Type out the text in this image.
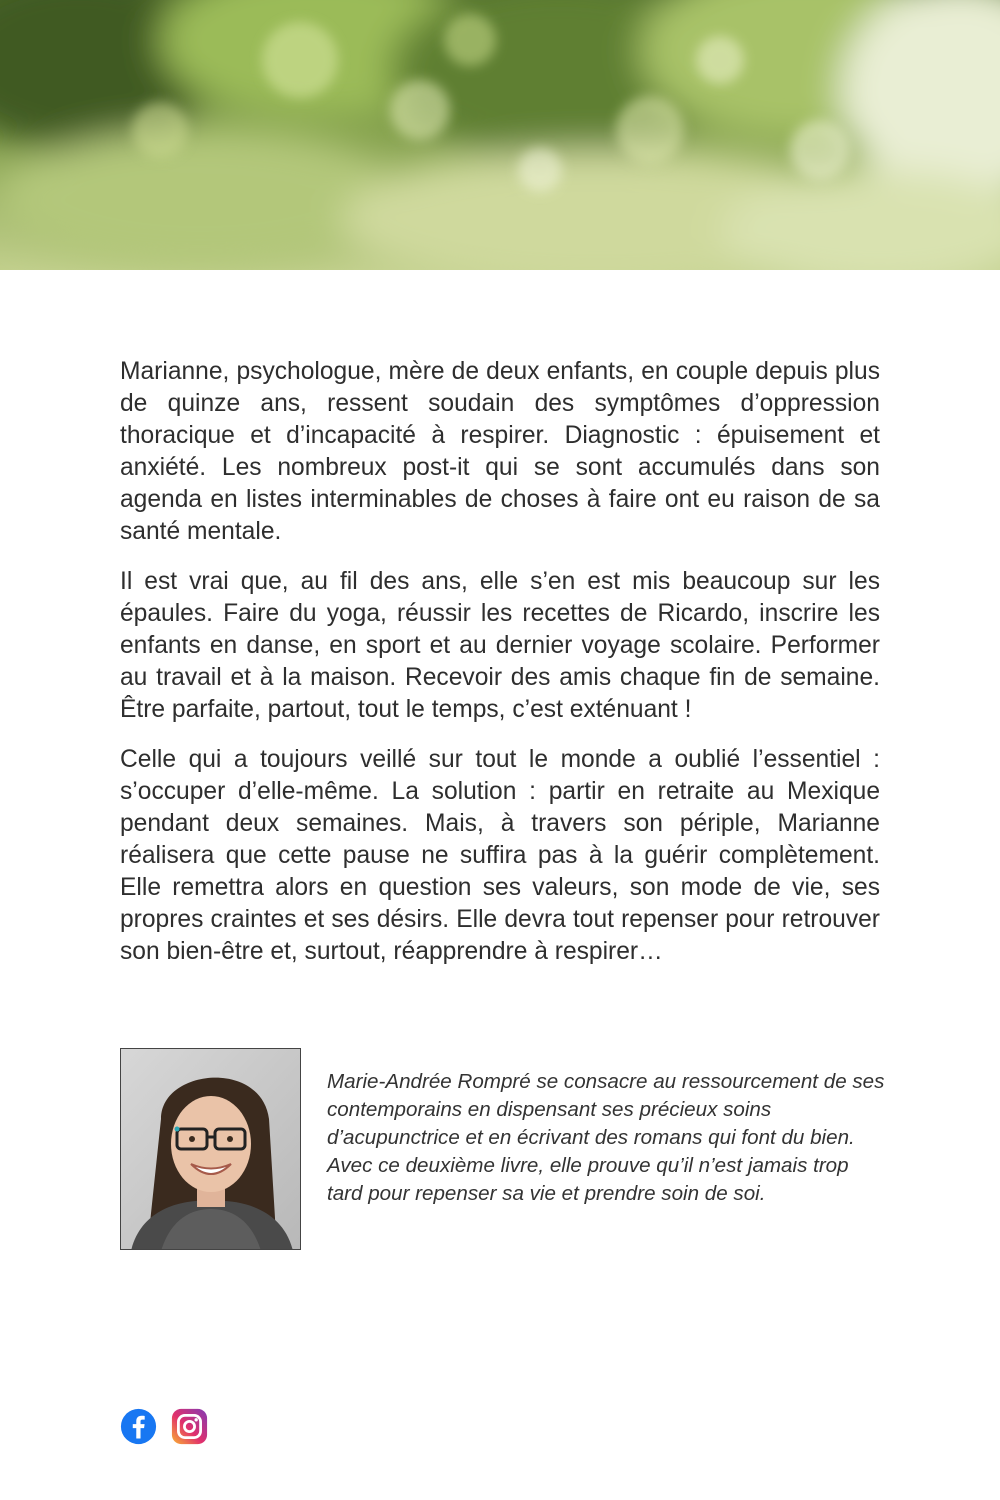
Marianne, psychologue, mère de deux enfants, en couple depuis plus de quinze ans, ressent soudain des symptômes d’oppression thoracique et d’incapacité à respirer. Diagnostic : épuisement et anxiété. Les nombreux post-it qui se sont accumulés dans son agenda en listes interminables de choses à faire ont eu raison de sa santé mentale.

Il est vrai que, au fil des ans, elle s’en est mis beaucoup sur les épaules. Faire du yoga, réussir les recettes de Ricardo, inscrire les enfants en danse, en sport et au dernier voyage scolaire. Performer au travail et à la maison. Recevoir des amis chaque fin de semaine. Être parfaite, partout, tout le temps, c’est exténuant !

Celle qui a toujours veillé sur tout le monde a oublié l’essentiel : s’occuper d’elle-même. La solution : partir en retraite au Mexique pendant deux semaines. Mais, à travers son périple, Marianne réalisera que cette pause ne suffira pas à la guérir complètement. Elle remettra alors en question ses valeurs, son mode de vie, ses propres craintes et ses désirs. Elle devra tout repenser pour retrouver son bien-être et, surtout, réapprendre à respirer…

Marie-Andrée Rompré se consacre au ressourcement de ses contemporains en dispensant ses précieux soins d’acupunctrice et en écrivant des romans qui font du bien. Avec ce deuxième livre, elle prouve qu’il n’est jamais trop tard pour repenser sa vie et prendre soin de soi.
